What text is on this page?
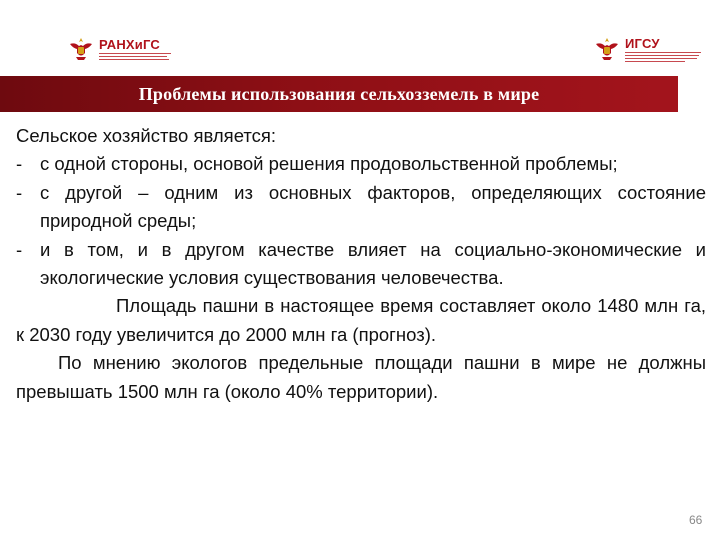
РАНХиГС	ИГСУ
Проблемы использования сельхозземель в мире

Сельское хозяйство является:

- с одной стороны, основой решения продовольственной проблемы;
- с другой – одним из основных факторов, определяющих состояние природной среды;
- и в том, и в другом качестве влияет на социально-экономические и экологические условия существования человечества.

Площадь пашни в настоящее время составляет около 1480 млн га, к 2030 году увеличится до 2000 млн га (прогноз).

По мнению экологов предельные площади пашни в мире не должны превышать 1500 млн га (около 40% территории).

66
